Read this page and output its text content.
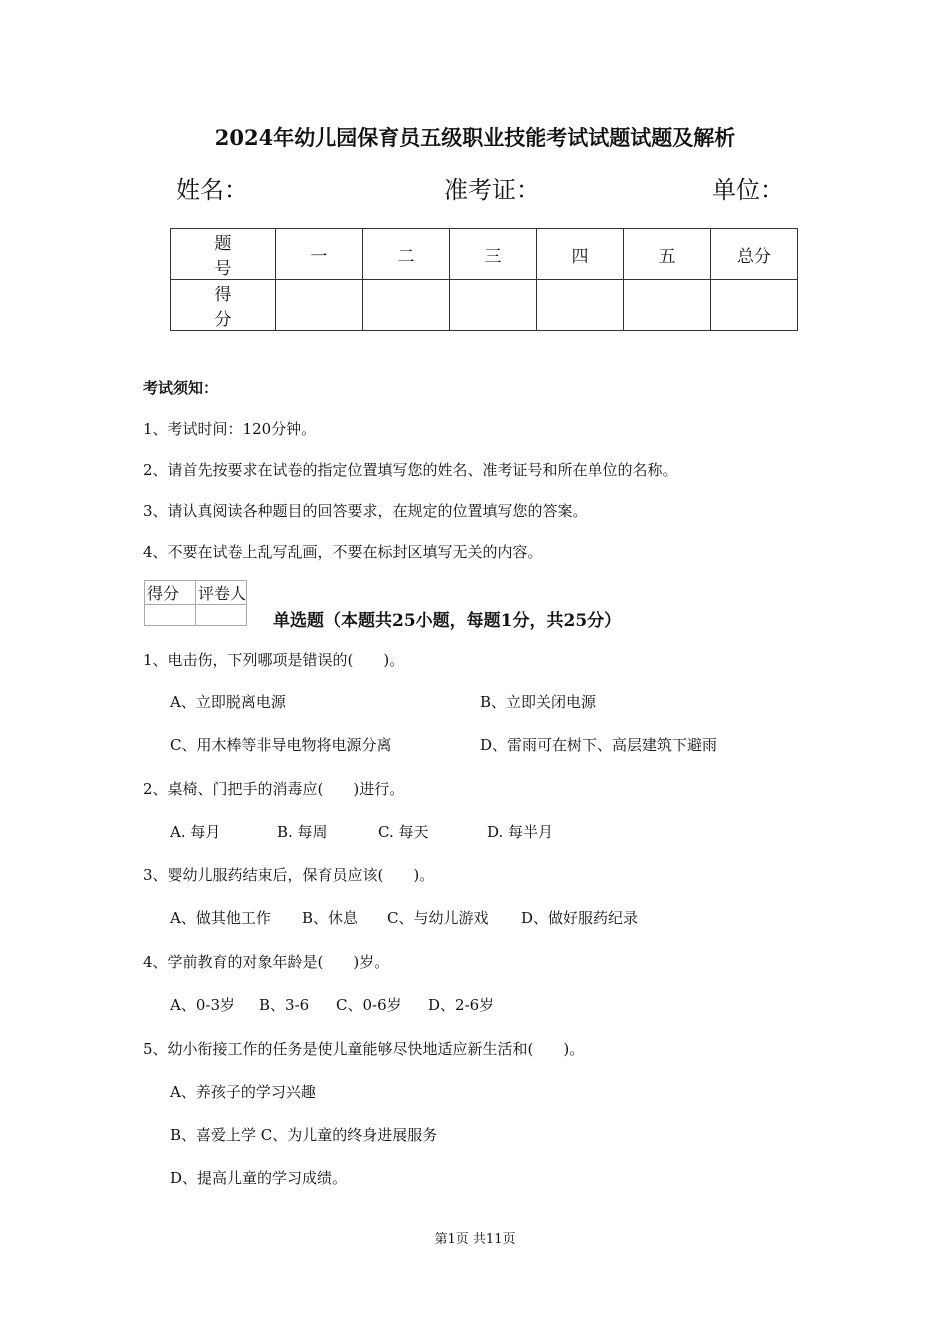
2024年幼儿园保育员五级职业技能考试试题试题及解析
姓名：	准考证：	单位：
题 号	一	二	三	四	五	总分
得 分						
考试须知：
1、考试时间：120分钟。
2、请首先按要求在试卷的指定位置填写您的姓名、准考证号和所在单位的名称。
3、请认真阅读各种题目的回答要求，在规定的位置填写您的答案。
4、不要在试卷上乱写乱画，不要在标封区填写无关的内容。
得分	评卷人

单选题（本题共25小题，每题1分，共25分）
1、电击伤，下列哪项是错误的(　　)。
A、立即脱离电源	B、立即关闭电源
C、用木棒等非导电物将电源分离	D、雷雨可在树下、高层建筑下避雨
2、桌椅、门把手的消毒应(　　)进行。
A. 每月	B. 每周	C. 每天	D. 每半月
3、婴幼儿服药结束后，保育员应该(　　)。
A、做其他工作 B、休息 C、与幼儿游戏 D、做好服药纪录
4、学前教育的对象年龄是(　　)岁。
A、0-3岁 B、3-6 C、0-6岁 D、2-6岁
5、幼小衔接工作的任务是使儿童能够尽快地适应新生活和(　　)。
A、养孩子的学习兴趣
B、喜爱上学 C、为儿童的终身进展服务
D、提高儿童的学习成绩。
第1页 共11页
